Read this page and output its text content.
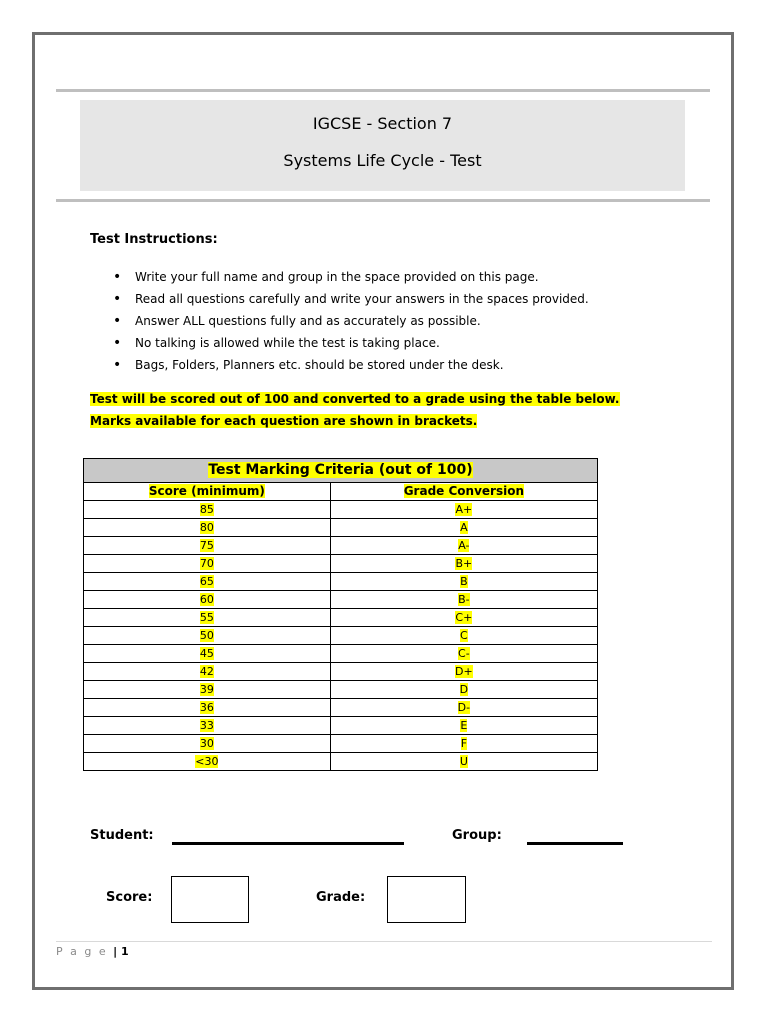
IGCSE - Section 7
Systems Life Cycle - Test
Test Instructions:
• Write your full name and group in the space provided on this page.
• Read all questions carefully and write your answers in the spaces provided.
• Answer ALL questions fully and as accurately as possible.
• No talking is allowed while the test is taking place.
• Bags, Folders, Planners etc. should be stored under the desk.
Test will be scored out of 100 and converted to a grade using the table below.
Marks available for each question are shown in brackets.
Test Marking Criteria (out of 100)	
Score (minimum)	Grade Conversion
85	A+
80	A
75	A-
70	B+
65	B
60	B-
55	C+
50	C
45	C-
42	D+
39	D
36	D-
33	E
30	F
<30	U
Student:	Group:
Score:	Grade:
P a g e | 1
